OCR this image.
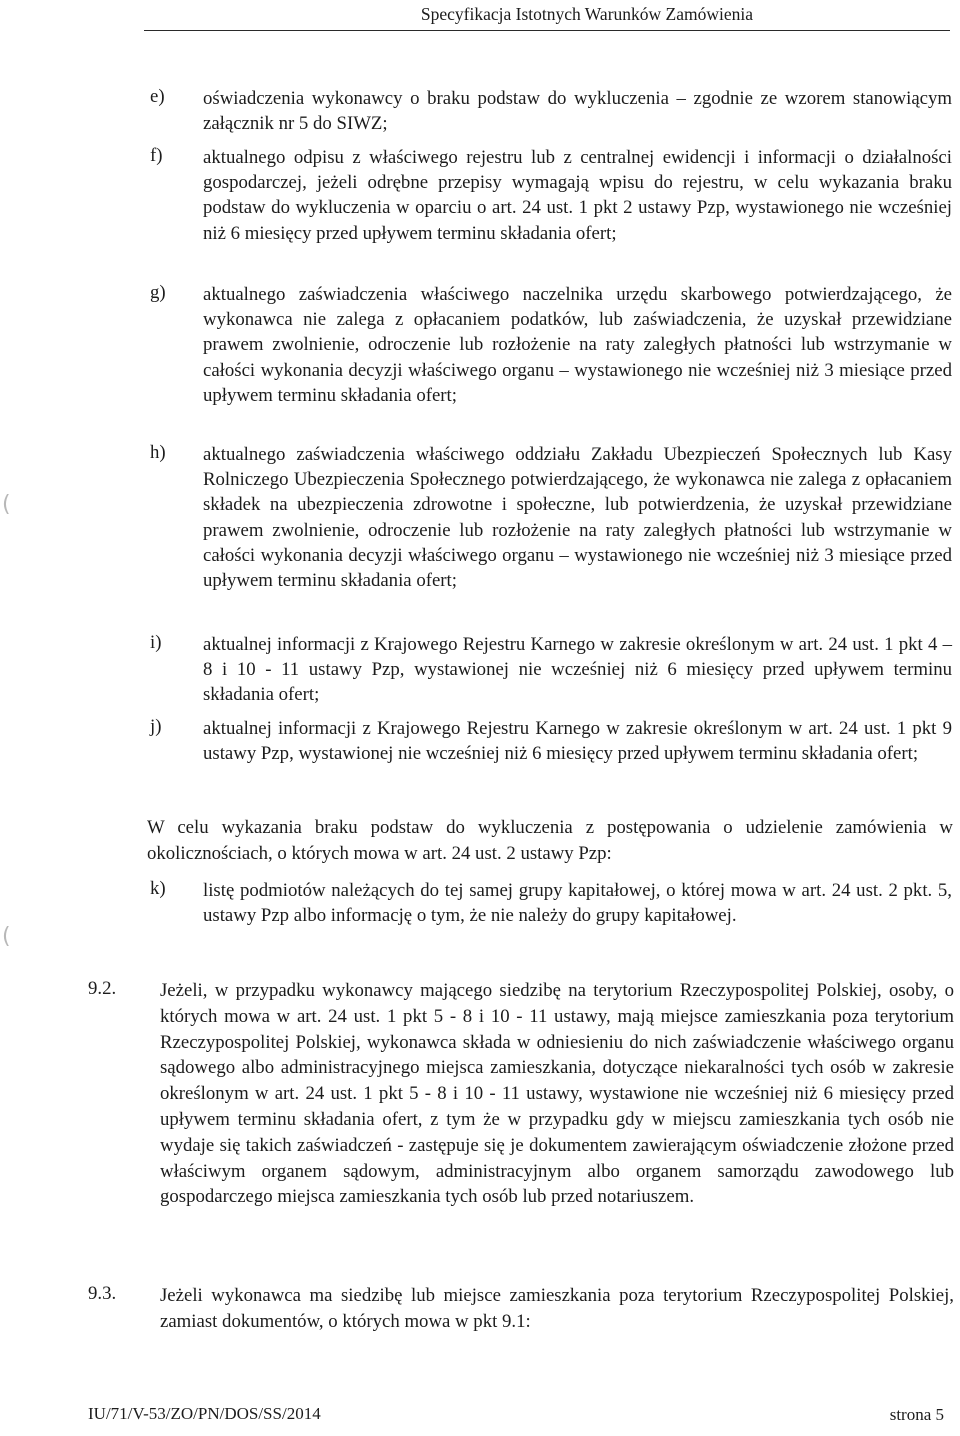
Specyfikacja Istotnych Warunków Zamówienia
e) oświadczenia wykonawcy o braku podstaw do wykluczenia – zgodnie ze wzorem stanowiącym załącznik nr 5 do SIWZ;
f) aktualnego odpisu z właściwego rejestru lub z centralnej ewidencji i informacji o działalności gospodarczej, jeżeli odrębne przepisy wymagają wpisu do rejestru, w celu wykazania braku podstaw do wykluczenia w oparciu o art. 24 ust. 1 pkt 2 ustawy Pzp, wystawionego nie wcześniej niż 6 miesięcy przed upływem terminu składania ofert;
g) aktualnego zaświadczenia właściwego naczelnika urzędu skarbowego potwierdzającego, że wykonawca nie zalega z opłacaniem podatków, lub zaświadczenia, że uzyskał przewidziane prawem zwolnienie, odroczenie lub rozłożenie na raty zaległych płatności lub wstrzymanie w całości wykonania decyzji właściwego organu – wystawionego nie wcześniej niż 3 miesiące przed upływem terminu składania ofert;
h) aktualnego zaświadczenia właściwego oddziału Zakładu Ubezpieczeń Społecznych lub Kasy Rolniczego Ubezpieczenia Społecznego potwierdzającego, że wykonawca nie zalega z opłacaniem składek na ubezpieczenia zdrowotne i społeczne, lub potwierdzenia, że uzyskał przewidziane prawem zwolnienie, odroczenie lub rozłożenie na raty zaległych płatności lub wstrzymanie w całości wykonania decyzji właściwego organu – wystawionego nie wcześniej niż 3 miesiące przed upływem terminu składania ofert;
i) aktualnej informacji z Krajowego Rejestru Karnego w zakresie określonym w art. 24 ust. 1 pkt 4 – 8 i 10 - 11 ustawy Pzp, wystawionej nie wcześniej niż 6 miesięcy przed upływem terminu składania ofert;
j) aktualnej informacji z Krajowego Rejestru Karnego w zakresie określonym w art. 24 ust. 1 pkt 9 ustawy Pzp, wystawionej nie wcześniej niż 6 miesięcy przed upływem terminu składania ofert;
W celu wykazania braku podstaw do wykluczenia z postępowania o udzielenie zamówienia w okolicznościach, o których mowa w art. 24 ust. 2 ustawy Pzp:
k) listę podmiotów należących do tej samej grupy kapitałowej, o której mowa w art. 24 ust. 2 pkt. 5, ustawy Pzp albo informację o tym, że nie należy do grupy kapitałowej.
9.2. Jeżeli, w przypadku wykonawcy mającego siedzibę na terytorium Rzeczypospolitej Polskiej, osoby, o których mowa w art. 24 ust. 1 pkt 5 - 8 i 10 - 11 ustawy, mają miejsce zamieszkania poza terytorium Rzeczypospolitej Polskiej, wykonawca składa w odniesieniu do nich zaświadczenie właściwego organu sądowego albo administracyjnego miejsca zamieszkania, dotyczące niekaralności tych osób w zakresie określonym w art. 24 ust. 1 pkt 5 - 8 i 10 - 11 ustawy, wystawione nie wcześniej niż 6 miesięcy przed upływem terminu składania ofert, z tym że w przypadku gdy w miejscu zamieszkania tych osób nie wydaje się takich zaświadczeń - zastępuje się je dokumentem zawierającym oświadczenie złożone przed właściwym organem sądowym, administracyjnym albo organem samorządu zawodowego lub gospodarczego miejsca zamieszkania tych osób lub przed notariuszem.
9.3. Jeżeli wykonawca ma siedzibę lub miejsce zamieszkania poza terytorium Rzeczypospolitej Polskiej, zamiast dokumentów, o których mowa w pkt 9.1:
(
(
IU/71/V-53/ZO/PN/DOS/SS/2014	strona 5
